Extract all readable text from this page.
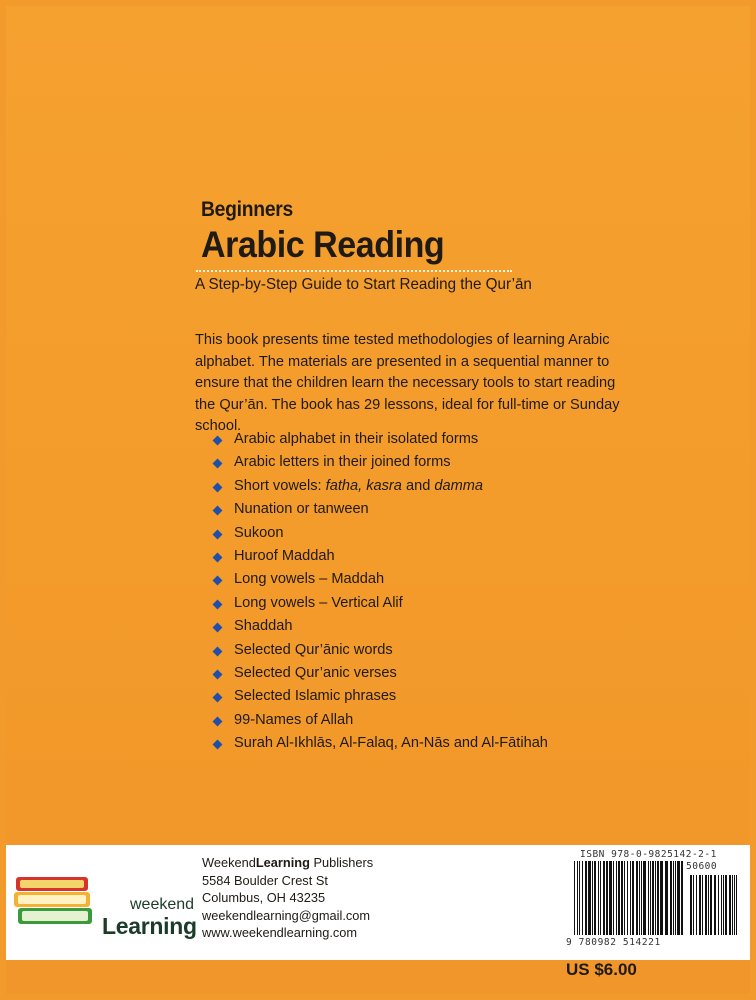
Beginners
Arabic Reading
A Step-by-Step Guide to Start Reading the Qur’ān
This book presents time tested methodologies of learning Arabic alphabet. The materials are presented in a sequential manner to ensure that the children learn the necessary tools to start reading the Qur’ān. The book has 29 lessons, ideal for full-time or Sunday school.
Arabic alphabet in their isolated forms
Arabic letters in their joined forms
Short vowels: fatha, kasra and damma
Nunation or tanween
Sukoon
Huroof Maddah
Long vowels – Maddah
Long vowels – Vertical Alif
Shaddah
Selected Qur’ānic words
Selected Qur’anic verses
Selected Islamic phrases
99-Names of Allah
Surah Al-Ikhlās, Al-Falaq, An-Nās and Al-Fātihah
weekend
Learning
WeekendLearning Publishers
5584 Boulder Crest St
Columbus, OH 43235
weekendlearning@gmail.com
www.weekendlearning.com
ISBN 978-0-9825142-2-1
50600
9 780982 514221
US $6.00
